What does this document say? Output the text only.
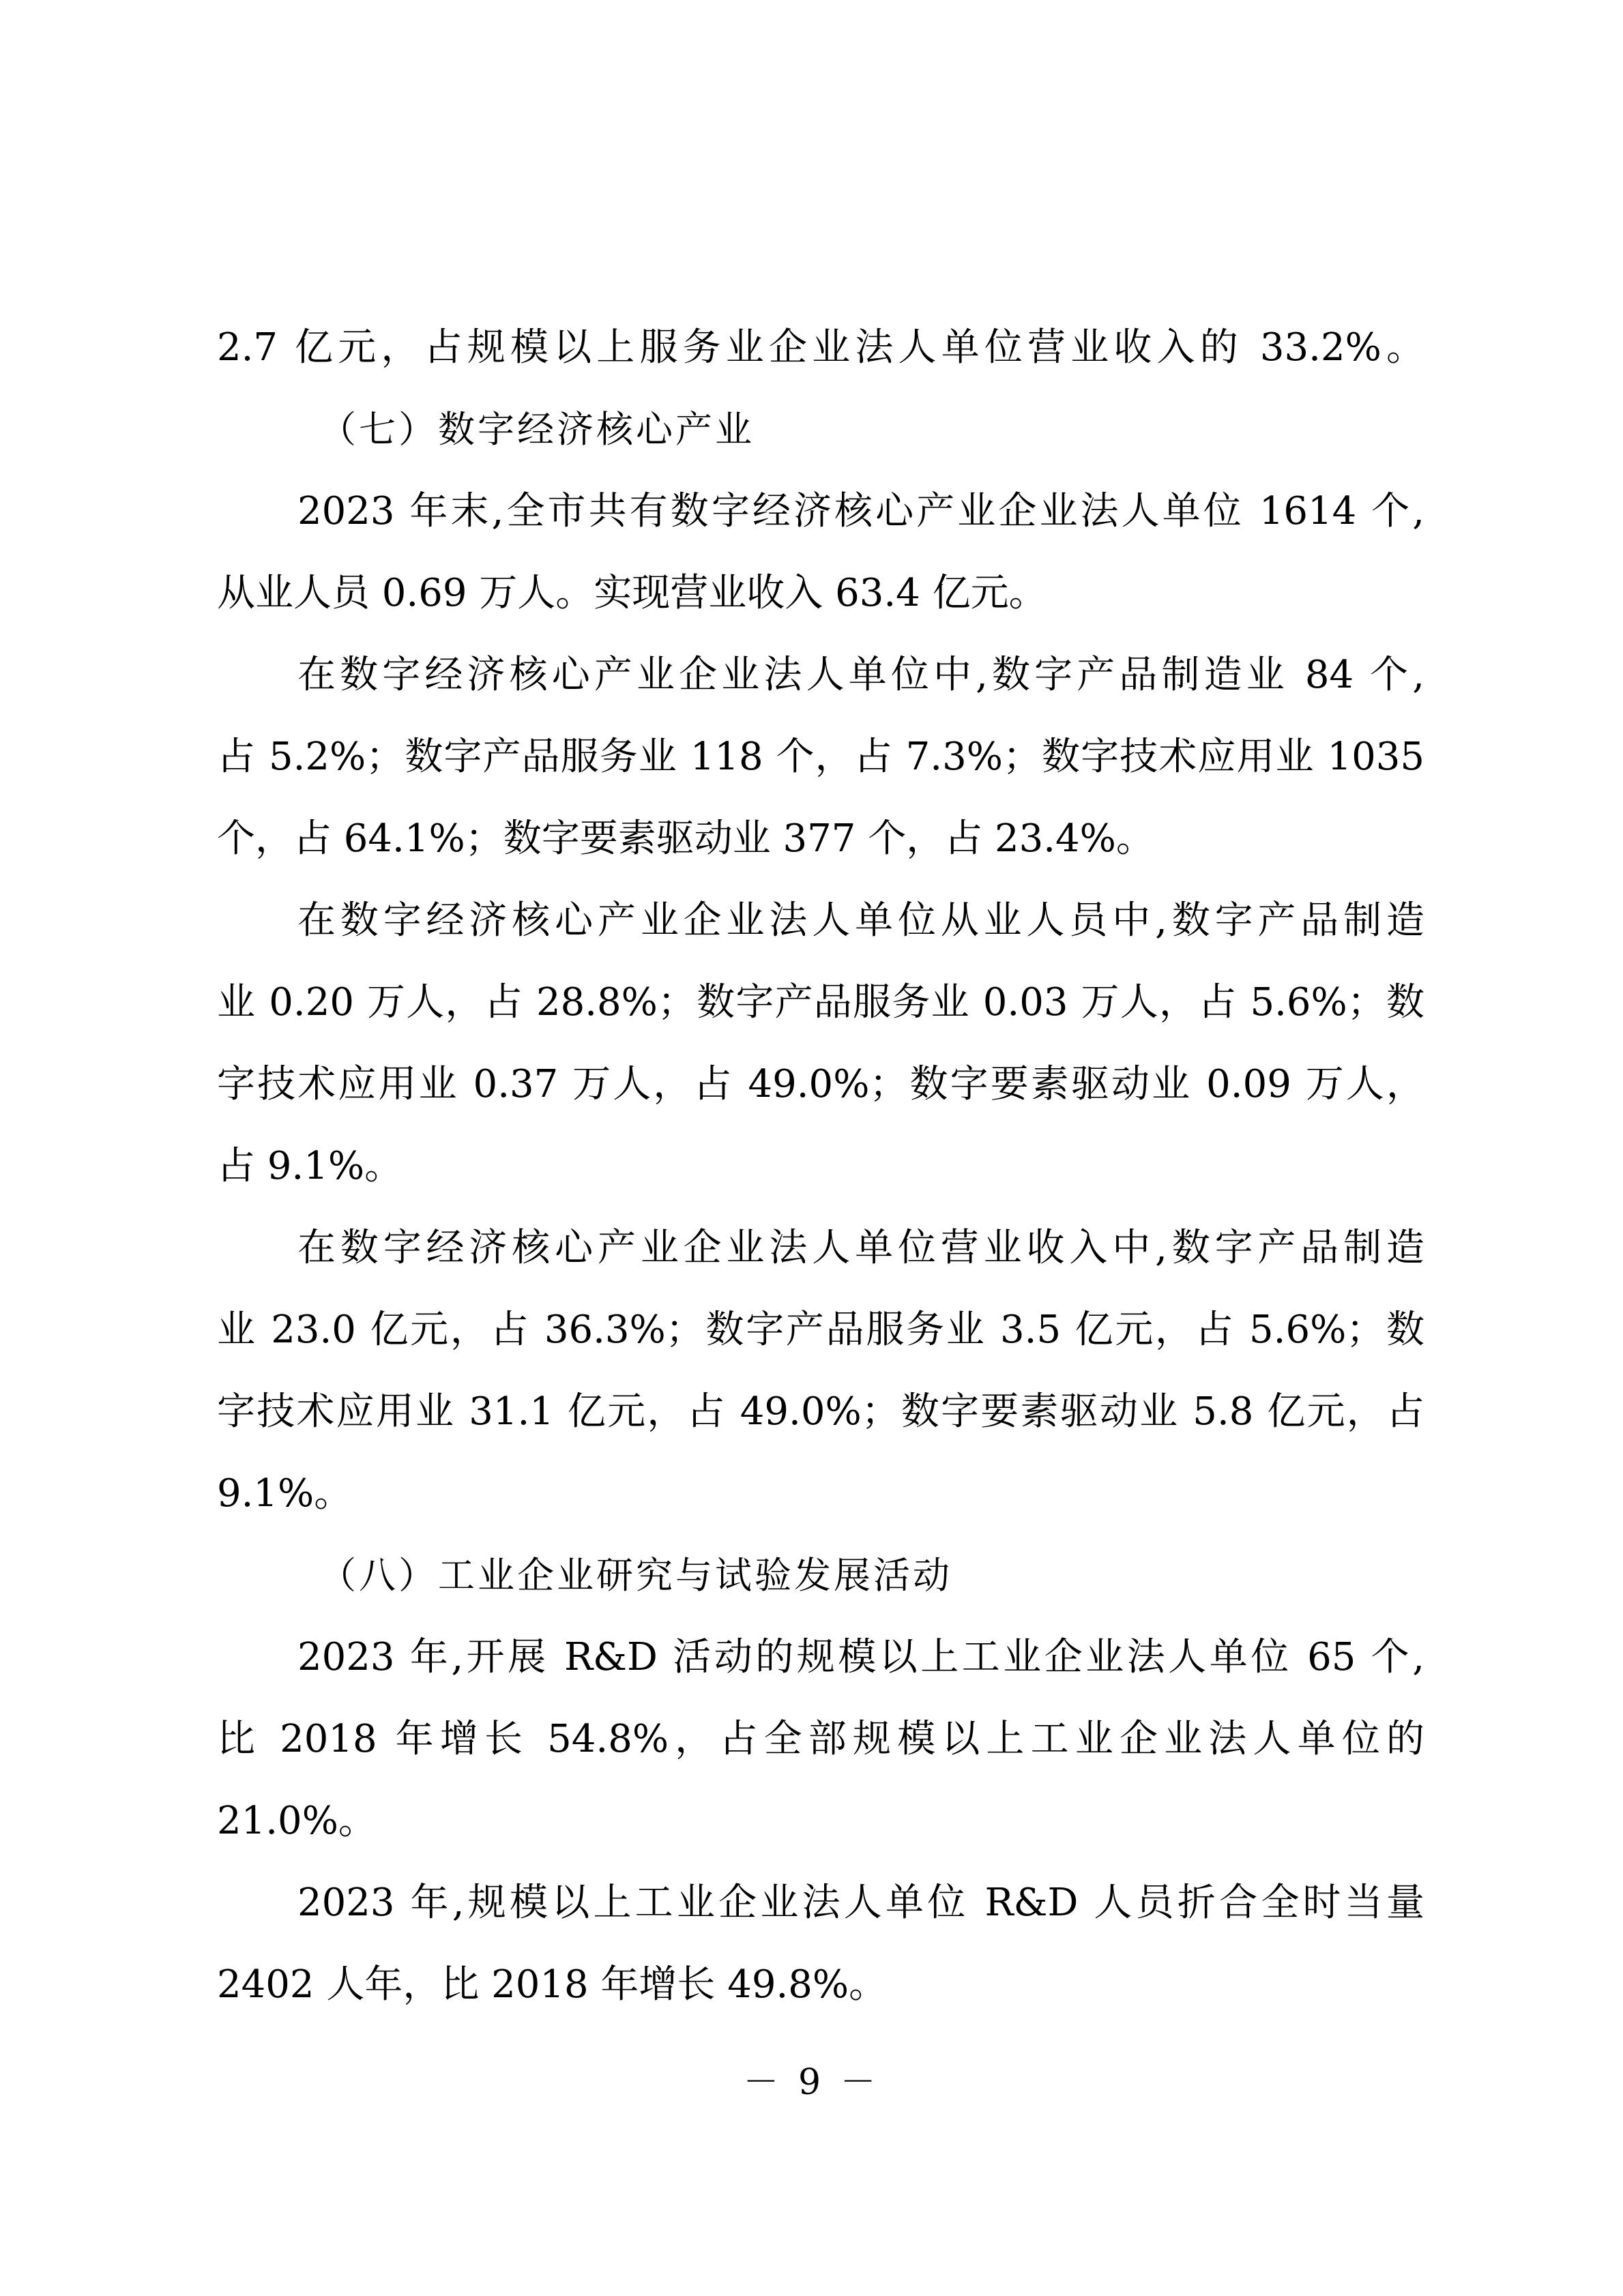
2.7 亿元，占规模以上服务业企业法人单位营业收入的 33.2%。
（七）数字经济核心产业
2023 年末,全市共有数字经济核心产业企业法人单位 1614 个,
从业人员 0.69 万人。实现营业收入 63.4 亿元。
在数字经济核心产业企业法人单位中,数字产品制造业 84 个,
占 5.2%；数字产品服务业 118 个，占 7.3%；数字技术应用业 1035
个，占 64.1%；数字要素驱动业 377 个，占 23.4%。
在数字经济核心产业企业法人单位从业人员中,数字产品制造
业 0.20 万人，占 28.8%；数字产品服务业 0.03 万人，占 5.6%；数
字技术应用业 0.37 万人，占 49.0%；数字要素驱动业 0.09 万人，
占 9.1%。
在数字经济核心产业企业法人单位营业收入中,数字产品制造
业 23.0 亿元，占 36.3%；数字产品服务业 3.5 亿元，占 5.6%；数
字技术应用业 31.1 亿元，占 49.0%；数字要素驱动业 5.8 亿元，占
9.1%。
（八）工业企业研究与试验发展活动
2023 年,开展 R&D 活动的规模以上工业企业法人单位 65 个,
比 2018 年增长 54.8%，占全部规模以上工业企业法人单位的
21.0%。
2023 年,规模以上工业企业法人单位 R&D 人员折合全时当量
2402 人年，比 2018 年增长 49.8%。
－ 9 －
